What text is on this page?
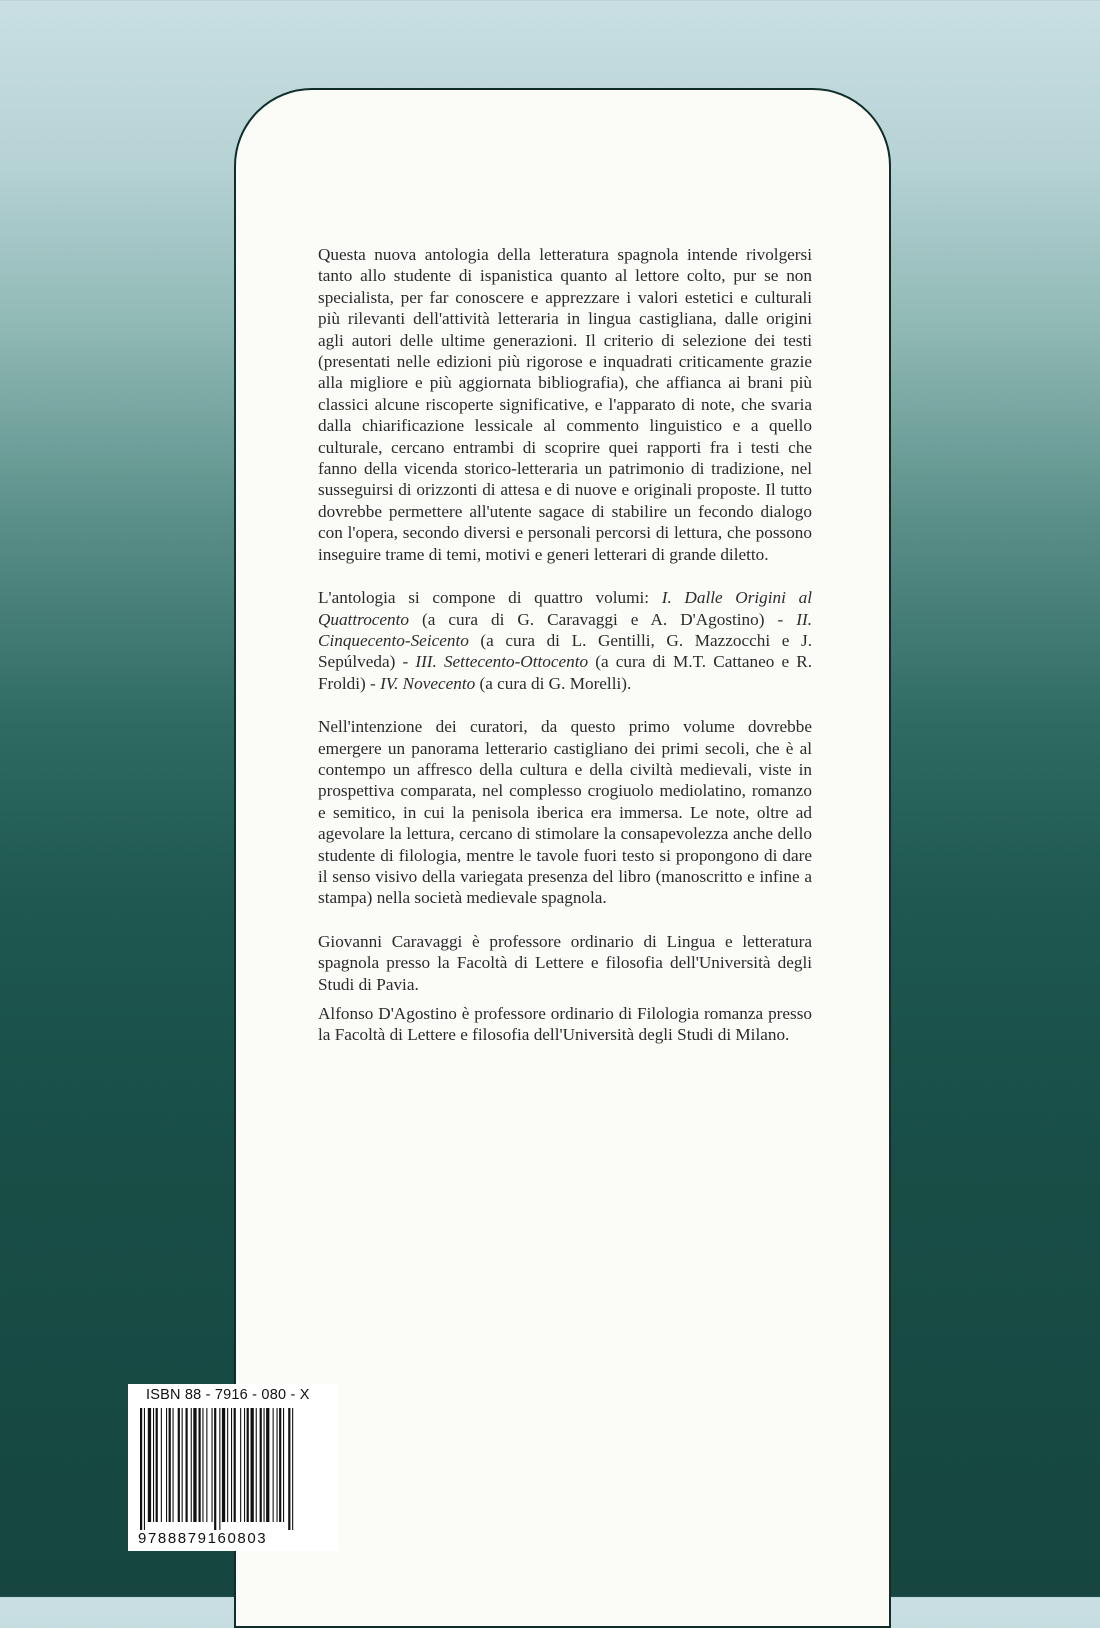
Questa nuova antologia della letteratura spagnola intende rivolgersi tanto allo studente di ispanistica quanto al lettore colto, pur se non specialista, per far conoscere e apprezzare i valori estetici e culturali più rilevanti dell'attività letteraria in lingua castigliana, dalle origini agli autori delle ultime generazioni. Il criterio di selezione dei testi (presentati nelle edizioni più rigorose e inquadrati criticamente grazie alla migliore e più aggiornata bibliografia), che affianca ai brani più classici alcune riscoperte significative, e l'apparato di note, che svaria dalla chiarificazione lessicale al commento linguistico e a quello culturale, cercano entrambi di scoprire quei rapporti fra i testi che fanno della vicenda storico-letteraria un patrimonio di tradizione, nel susseguirsi di orizzonti di attesa e di nuove e originali proposte. Il tutto dovrebbe permettere all'utente sagace di stabilire un fecondo dialogo con l'opera, secondo diversi e personali percorsi di lettura, che possono inseguire trame di temi, motivi e generi letterari di grande diletto.

L'antologia si compone di quattro volumi: I. Dalle Origini al Quattrocento (a cura di G. Caravaggi e A. D'Agostino) - II. Cinquecento-Seicento (a cura di L. Gentilli, G. Mazzocchi e J. Sepúlveda) - III. Settecento-Ottocento (a cura di M.T. Cattaneo e R. Froldi) - IV. Novecento (a cura di G. Morelli).

Nell'intenzione dei curatori, da questo primo volume dovrebbe emergere un panorama letterario castigliano dei primi secoli, che è al contempo un affresco della cultura e della civiltà medievali, viste in prospettiva comparata, nel complesso crogiuolo mediolatino, romanzo e semitico, in cui la penisola iberica era immersa. Le note, oltre ad agevolare la lettura, cercano di stimolare la consapevolezza anche dello studente di filologia, mentre le tavole fuori testo si propongono di dare il senso visivo della variegata presenza del libro (manoscritto e infine a stampa) nella società medievale spagnola.

Giovanni Caravaggi è professore ordinario di Lingua e letteratura spagnola presso la Facoltà di Lettere e filosofia dell'Università degli Studi di Pavia.

Alfonso D'Agostino è professore ordinario di Filologia romanza presso la Facoltà di Lettere e filosofia dell'Università degli Studi di Milano.

ISBN 88 - 7916 - 080 - X
9788879160803
